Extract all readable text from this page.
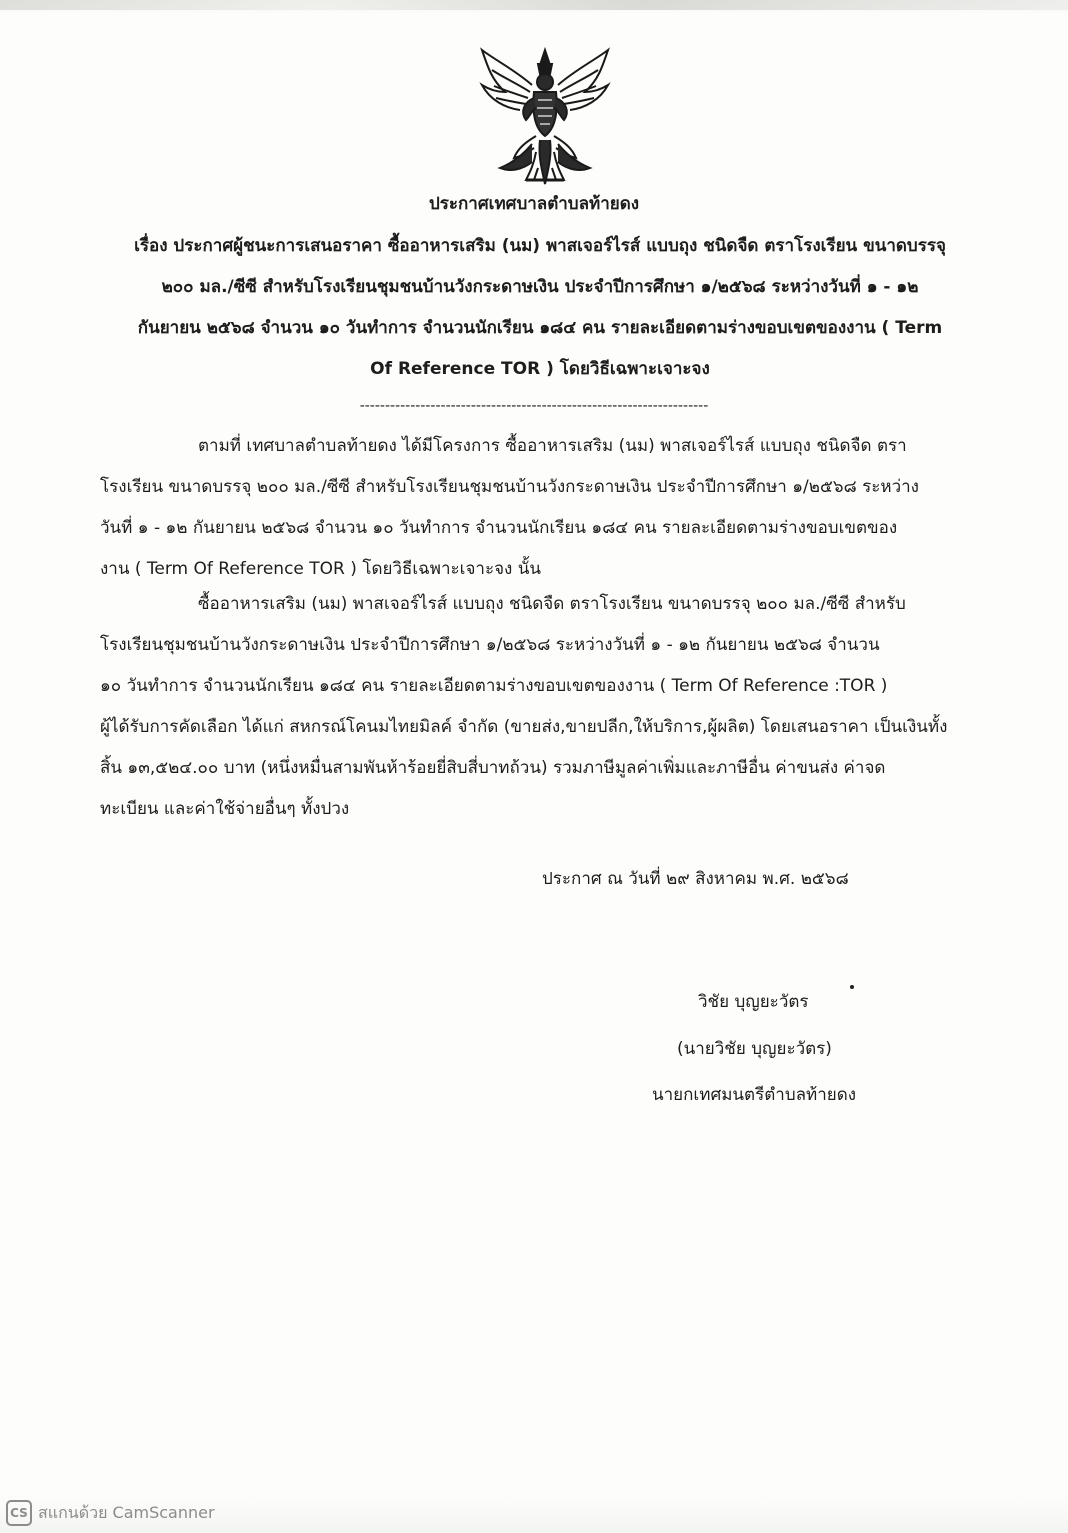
ประกาศเทศบาลตำบลท้ายดง
เรื่อง ประกาศผู้ชนะการเสนอราคา ซื้ออาหารเสริม (นม) พาสเจอร์ไรส์ แบบถุง ชนิดจืด ตราโรงเรียน ขนาดบรรจุ
๒๐๐ มล./ซีซี สำหรับโรงเรียนชุมชนบ้านวังกระดาษเงิน ประจำปีการศึกษา ๑/๒๕๖๘ ระหว่างวันที่ ๑ - ๑๒
กันยายน ๒๕๖๘ จำนวน ๑๐ วันทำการ จำนวนนักเรียน ๑๘๔ คน รายละเอียดตามร่างขอบเขตของงาน ( Term
Of Reference TOR ) โดยวิธีเฉพาะเจาะจง
---------------------------------------------------------------------
ตามที่ เทศบาลตำบลท้ายดง ได้มีโครงการ ซื้ออาหารเสริม (นม) พาสเจอร์ไรส์ แบบถุง ชนิดจืด ตรา
โรงเรียน ขนาดบรรจุ ๒๐๐ มล./ซีซี สำหรับโรงเรียนชุมชนบ้านวังกระดาษเงิน ประจำปีการศึกษา ๑/๒๕๖๘ ระหว่าง
วันที่ ๑ - ๑๒ กันยายน ๒๕๖๘ จำนวน ๑๐ วันทำการ จำนวนนักเรียน ๑๘๔ คน รายละเอียดตามร่างขอบเขตของ
งาน ( Term Of Reference TOR ) โดยวิธีเฉพาะเจาะจง นั้น
ซื้ออาหารเสริม (นม) พาสเจอร์ไรส์ แบบถุง ชนิดจืด ตราโรงเรียน ขนาดบรรจุ ๒๐๐ มล./ซีซี สำหรับ
โรงเรียนชุมชนบ้านวังกระดาษเงิน ประจำปีการศึกษา ๑/๒๕๖๘ ระหว่างวันที่ ๑ - ๑๒ กันยายน ๒๕๖๘ จำนวน
๑๐ วันทำการ จำนวนนักเรียน ๑๘๔ คน รายละเอียดตามร่างขอบเขตของงาน ( Term Of Reference :TOR )
ผู้ได้รับการคัดเลือก ได้แก่ สหกรณ์โคนมไทยมิลค์ จำกัด (ขายส่ง,ขายปลีก,ให้บริการ,ผู้ผลิต) โดยเสนอราคา เป็นเงินทั้ง
สิ้น ๑๓,๕๒๔.๐๐ บาท (หนึ่งหมื่นสามพันห้าร้อยยี่สิบสี่บาทถ้วน) รวมภาษีมูลค่าเพิ่มและภาษีอื่น ค่าขนส่ง ค่าจด
ทะเบียน และค่าใช้จ่ายอื่นๆ ทั้งปวง
ประกาศ ณ วันที่ ๒๙ สิงหาคม พ.ศ. ๒๕๖๘
วิชัย บุญยะวัตร
(นายวิชัย บุญยะวัตร)
นายกเทศมนตรีตำบลท้ายดง
CS สแกนด้วย CamScanner
